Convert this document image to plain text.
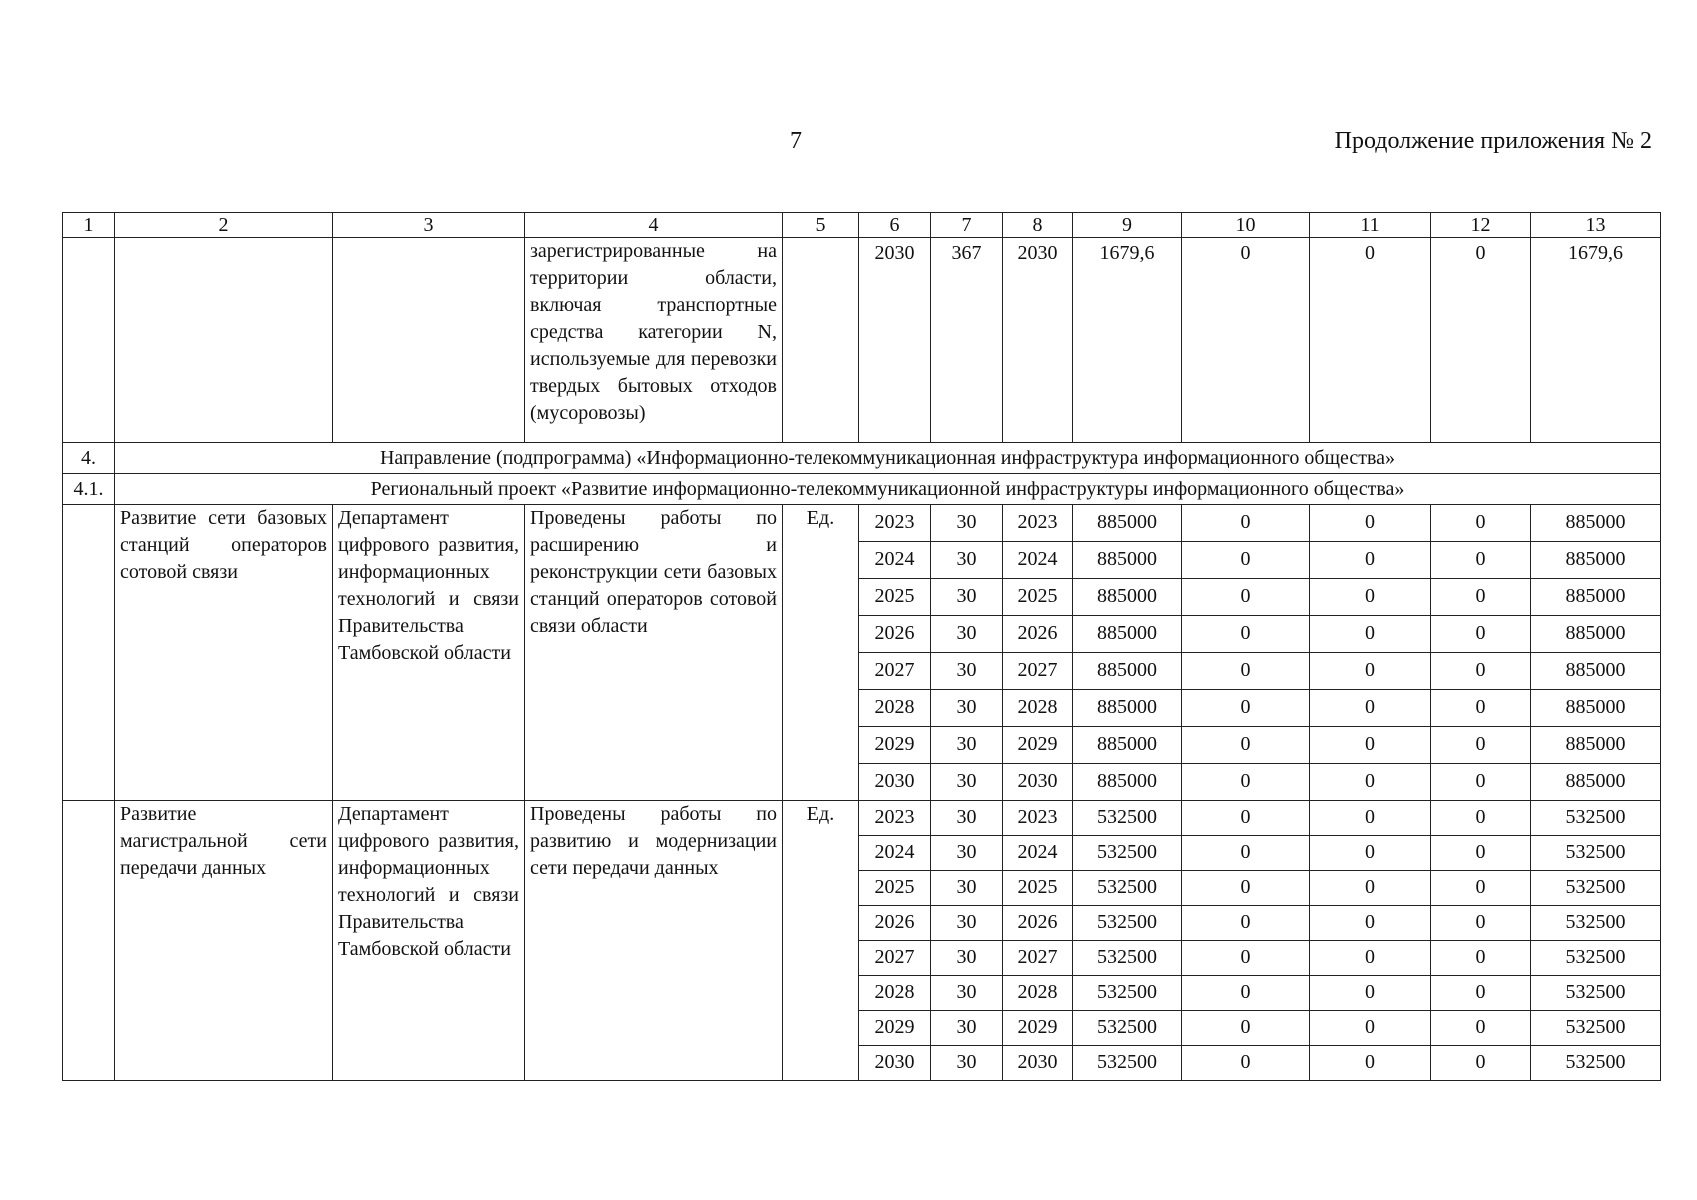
7	Продолжение приложения № 2
1	2	3	4	5	6	7	8	9	10	11	12	13
			зарегистрированные на территории области, включая транспортные средства категории N, используемые для перевозки твердых бытовых отходов (мусоровозы)		2030	367	2030	1679,6	0	0	0	1679,6
4.	Направление (подпрограмма) «Информационно-телекоммуникационная инфраструктура информационного общества»											
4.1.	Региональный проект «Развитие информационно-телекоммуникационной инфраструктуры информационного общества»											
	Развитие сети базовых станций операторов сотовой связи	Департамент цифрового развития, информационных технологий и связи Правительства Тамбовской области	Проведены работы по расширению и реконструкции сети базовых станций операторов сотовой связи области	Ед.	2023	30	2023	885000	0	0	0	885000
					2024	30	2024	885000	0	0	0	885000
					2025	30	2025	885000	0	0	0	885000
					2026	30	2026	885000	0	0	0	885000
					2027	30	2027	885000	0	0	0	885000
					2028	30	2028	885000	0	0	0	885000
					2029	30	2029	885000	0	0	0	885000
					2030	30	2030	885000	0	0	0	885000
	Развитие магистральной сети передачи данных	Департамент цифрового развития, информационных технологий и связи Правительства Тамбовской области	Проведены работы по развитию и модернизации сети передачи данных	Ед.	2023	30	2023	532500	0	0	0	532500
					2024	30	2024	532500	0	0	0	532500
					2025	30	2025	532500	0	0	0	532500
					2026	30	2026	532500	0	0	0	532500
					2027	30	2027	532500	0	0	0	532500
					2028	30	2028	532500	0	0	0	532500
					2029	30	2029	532500	0	0	0	532500
					2030	30	2030	532500	0	0	0	532500
